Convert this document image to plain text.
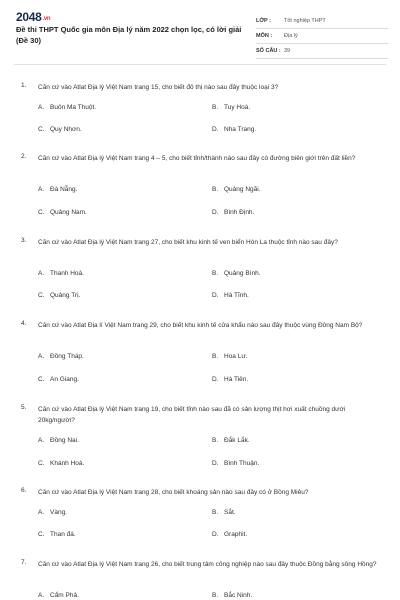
2048.vn
Đề thi THPT Quốc gia môn Địa lý năm 2022 chọn lọc, có lời giải (Đề 30)
LỚP :	Tốt nghiệp THPT
MÔN :	Địa lý
SỐ CÂU : 39
1. Căn cứ vào Atlat Địa lý Việt Nam trang 15, cho biết đô thị nào sau đây thuộc loại 3?
A. Buôn Ma Thuột.	B. Tuy Hoà.
C. Quy Nhơn.	D. Nha Trang.
2. Căn cứ vào Atlat Địa lý Việt Nam trang 4 – 5, cho biết tỉnh/thành nào sau đây có đường biên giới trên đất liền?
A. Đà Nẵng.	B. Quảng Ngãi.
C. Quảng Nam.	D. Bình Định.
3. Căn cứ vào Atlat Địa lý Việt Nam trang 27, cho biết khu kinh tế ven biển Hòn La thuộc tỉnh nào sau đây?
A. Thanh Hoá.	B. Quảng Bình.
C. Quảng Trị.	D. Hà Tĩnh.
4. Căn cứ vào Atlat Địa lí Việt Nam trang 29, cho biết khu kinh tế cửa khẩu nào sau đây thuộc vùng Đông Nam Bộ?
A. Đồng Tháp.	B. Hoa Lư.
C. An Giang.	D. Hà Tiên.
5. Căn cứ vào Atlat Địa lý Việt Nam trang 19, cho biết tỉnh nào sau đã có sản lượng thịt hơi xuất chuồng dưới 20kg/người?
A. Đồng Nai.	B. Đắk Lắk.
C. Khánh Hoà.	D. Bình Thuận.
6. Căn cứ vào Atlat Địa lý Việt Nam trang 28, cho biết khoáng sản nào sau đây có ở Bồng Miêu?
A. Vàng.	B. Sắt.
C. Than đá.	D. Graphit.
7. Căn cứ vào Atlat Địa lý Việt Nam trang 26, cho biết trung tâm công nghiệp nào sau đây thuộc Đồng bằng sông Hồng?
A. Cẩm Phả.	B. Bắc Ninh.
